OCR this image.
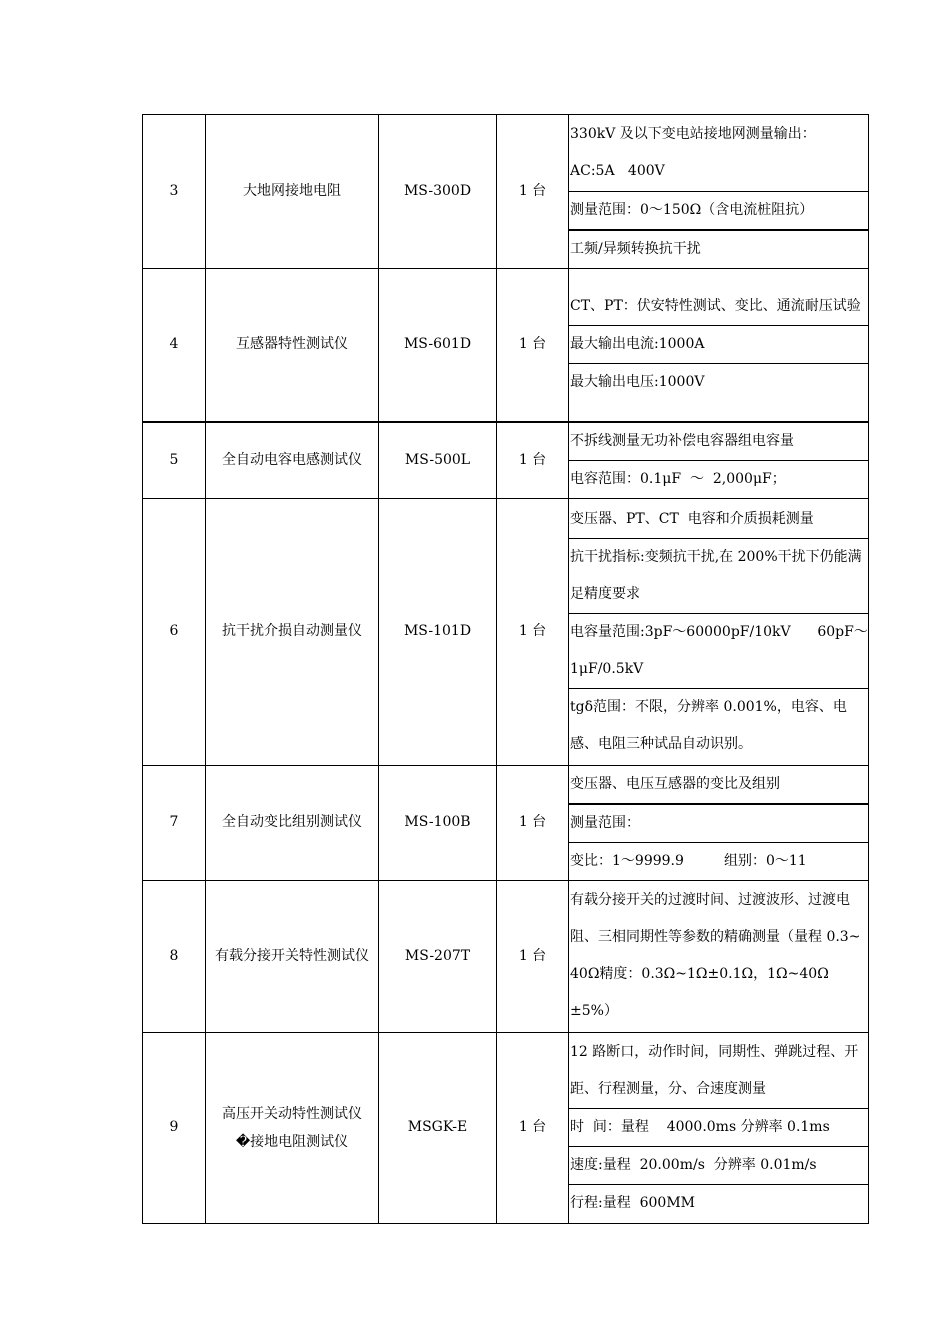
3	大地网接地电阻	MS-300D	1 台	330kV 及以下变电站接地网测量输出：
AC:5A   400V
测量范围：0～150Ω（含电流桩阻抗）
工频/异频转换抗干扰

4	互感器特性测试仪	MS-601D	1 台	CT、PT：伏安特性测试、变比、通流耐压试验
最大输出电流:1000A
最大输出电压:1000V

5	全自动电容电感测试仪	MS-500L	1 台	不拆线测量无功补偿电容器组电容量
电容范围：0.1μF  ～  2,000μF；

6	抗干扰介损自动测量仪	MS-101D	1 台	变压器、PT、CT  电容和介质损耗测量
抗干扰指标:变频抗干扰,在 200%干扰下仍能满足精度要求
电容量范围:3pF～60000pF/10kV      60pF～1μF/0.5kV
tgδ范围：不限，分辨率 0.001%，电容、电感、电阻三种试品自动识别。

7	全自动变比组别测试仪	MS-100B	1 台	变压器、电压互感器的变比及组别
测量范围：
变比：1～9999.9         组别：0～11

8	有载分接开关特性测试仪	MS-207T	1 台	有载分接开关的过渡时间、过渡波形、过渡电阻、三相同期性等参数的精确测量（量程 0.3~40Ω精度：0.3Ω~1Ω±0.1Ω，1Ω~40Ω±5%）

9	高压开关动特性测试仪 �接地电阻测试仪	MSGK-E	1 台	12 路断口，动作时间，同期性、弹跳过程、开距、行程测量，分、合速度测量
时  间：量程    4000.0ms 分辨率 0.1ms
速度:量程  20.00m/s  分辨率 0.01m/s
行程:量程  600MM
